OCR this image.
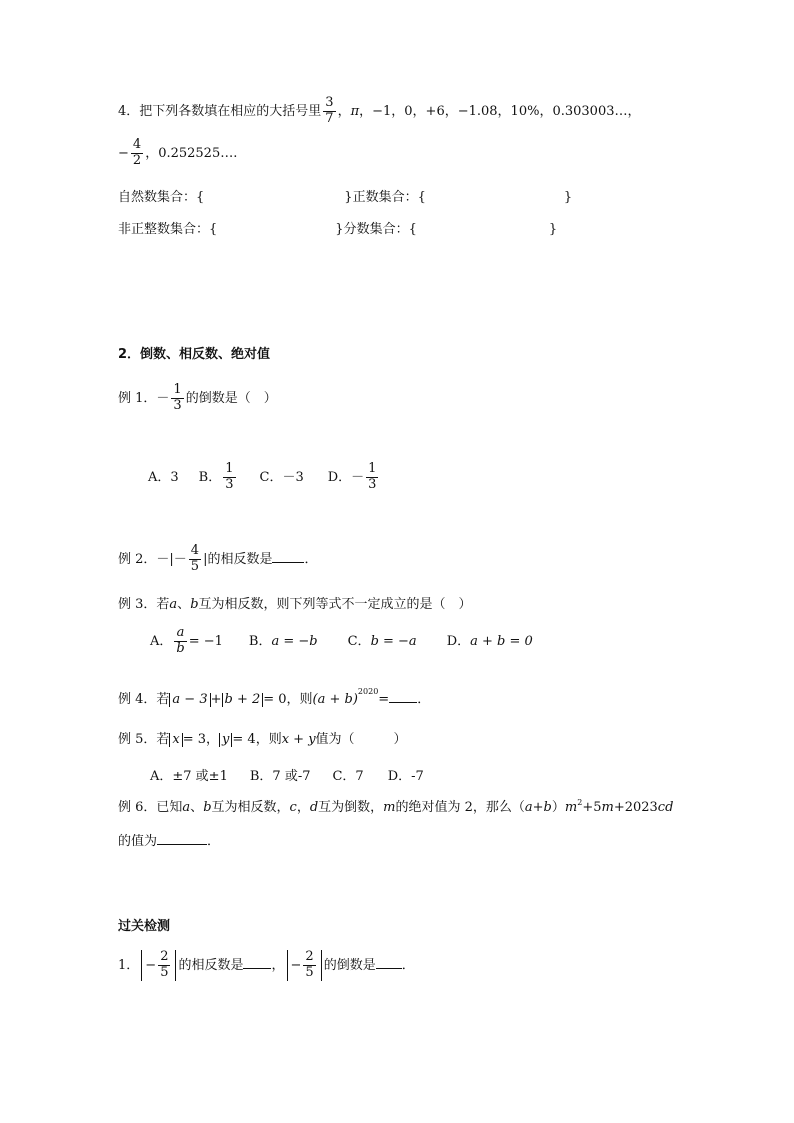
4．把下列各数填在相应的大括号里 $\frac{3}{7}$ ，π，−1，0，+6，−1.08，10%，0.303003…，
− $\frac{4}{2}$ ，0.252525….
自然数集合：{	}正数集合：{	}
非正整数集合：{	}分数集合：{	}
2．倒数、相反数、绝对值
例 1．－ $\frac{1}{3}$ 的倒数是（　）
A．3 B． $\frac{1}{3}$ C．－3 D．－ $\frac{1}{3}$
例 2．－|－ $\frac{4}{5}$ |的相反数是 ．
例 3．若a、b互为相反数，则下列等式不一定成立的是（　）
A． $\frac{a}{b} = -1$ B．a = −b C．b = −a D．a + b = 0
例 4．若 a − 3 + b + 2 = 0，则$(a + b)^{2020}=$ ．
例 5．若 x = 3， y = 4，则x + y值为（　　　）
A．±7 或±1 B．7 或-7 C．7 D．-7
例 6．已知a、b互为相反数，c，d互为倒数，m的绝对值为 2，那么$(a+b)m^2+5m+2023cd$
的值为	．
过关检测
1． − $\frac{2}{5}$ 的相反数是 ， − $\frac{2}{5}$ 的倒数是 ．
